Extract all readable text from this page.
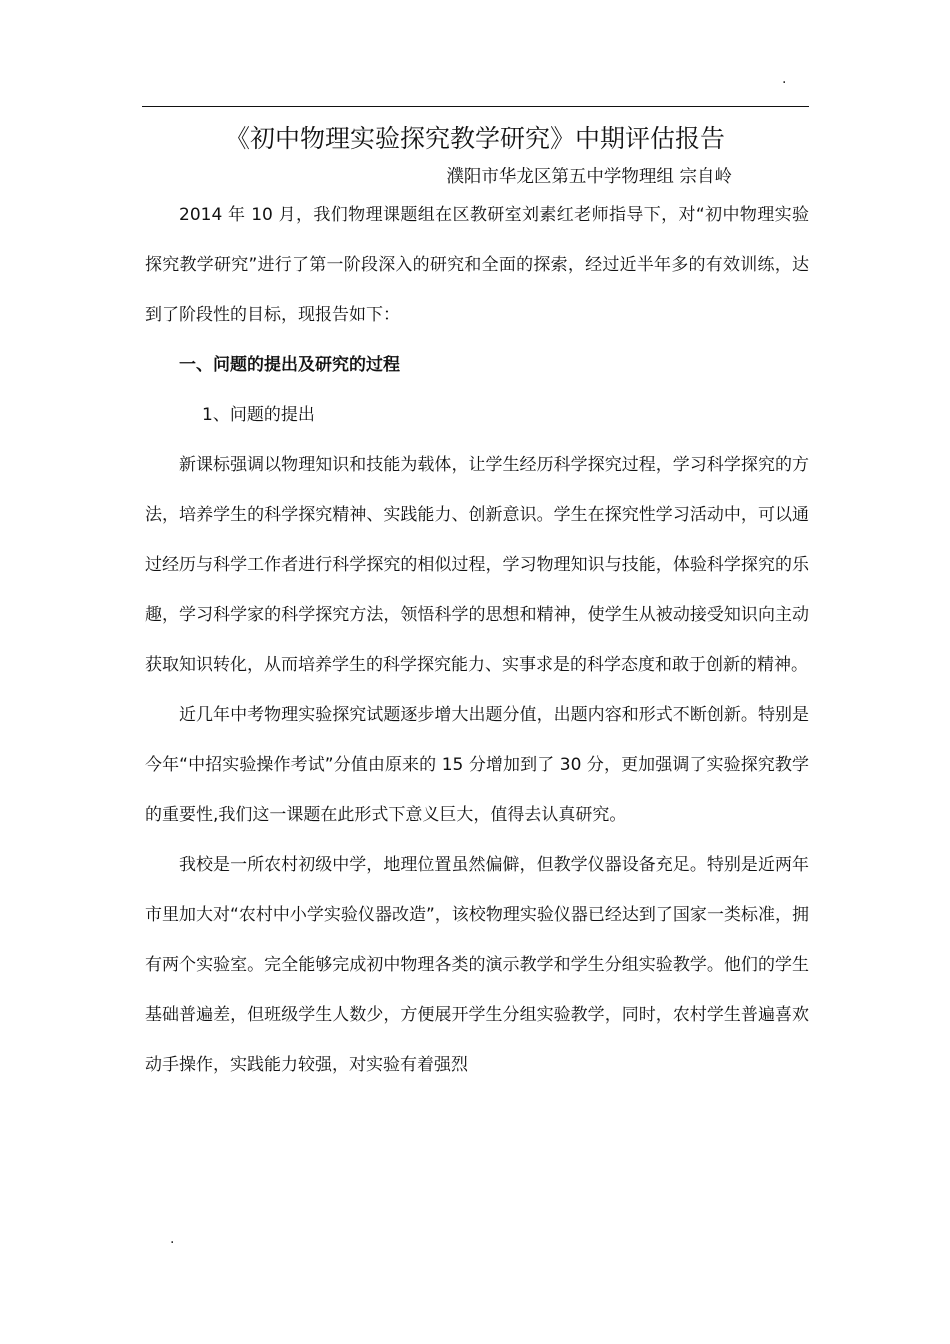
.
《初中物理实验探究教学研究》中期评估报告
濮阳市华龙区第五中学物理组 宗自岭

2014 年 10 月，我们物理课题组在区教研室刘素红老师指导下，对“初中物理实验探究教学研究”进行了第一阶段深入的研究和全面的探索，经过近半年多的有效训练，达到了阶段性的目标，现报告如下：

一、问题的提出及研究的过程

1、问题的提出

新课标强调以物理知识和技能为载体，让学生经历科学探究过程，学习科学探究的方法，培养学生的科学探究精神、实践能力、创新意识。学生在探究性学习活动中，可以通过经历与科学工作者进行科学探究的相似过程，学习物理知识与技能，体验科学探究的乐趣，学习科学家的科学探究方法，领悟科学的思想和精神，使学生从被动接受知识向主动获取知识转化，从而培养学生的科学探究能力、实事求是的科学态度和敢于创新的精神。

近几年中考物理实验探究试题逐步增大出题分值，出题内容和形式不断创新。特别是今年“中招实验操作考试”分值由原来的 15 分增加到了 30 分，更加强调了实验探究教学的重要性,我们这一课题在此形式下意义巨大，值得去认真研究。

我校是一所农村初级中学，地理位置虽然偏僻，但教学仪器设备充足。特别是近两年市里加大对“农村中小学实验仪器改造”，该校物理实验仪器已经达到了国家一类标准，拥有两个实验室。完全能够完成初中物理各类的演示教学和学生分组实验教学。他们的学生基础普遍差，但班级学生人数少，方便展开学生分组实验教学，同时，农村学生普遍喜欢动手操作，实践能力较强，对实验有着强烈

.
